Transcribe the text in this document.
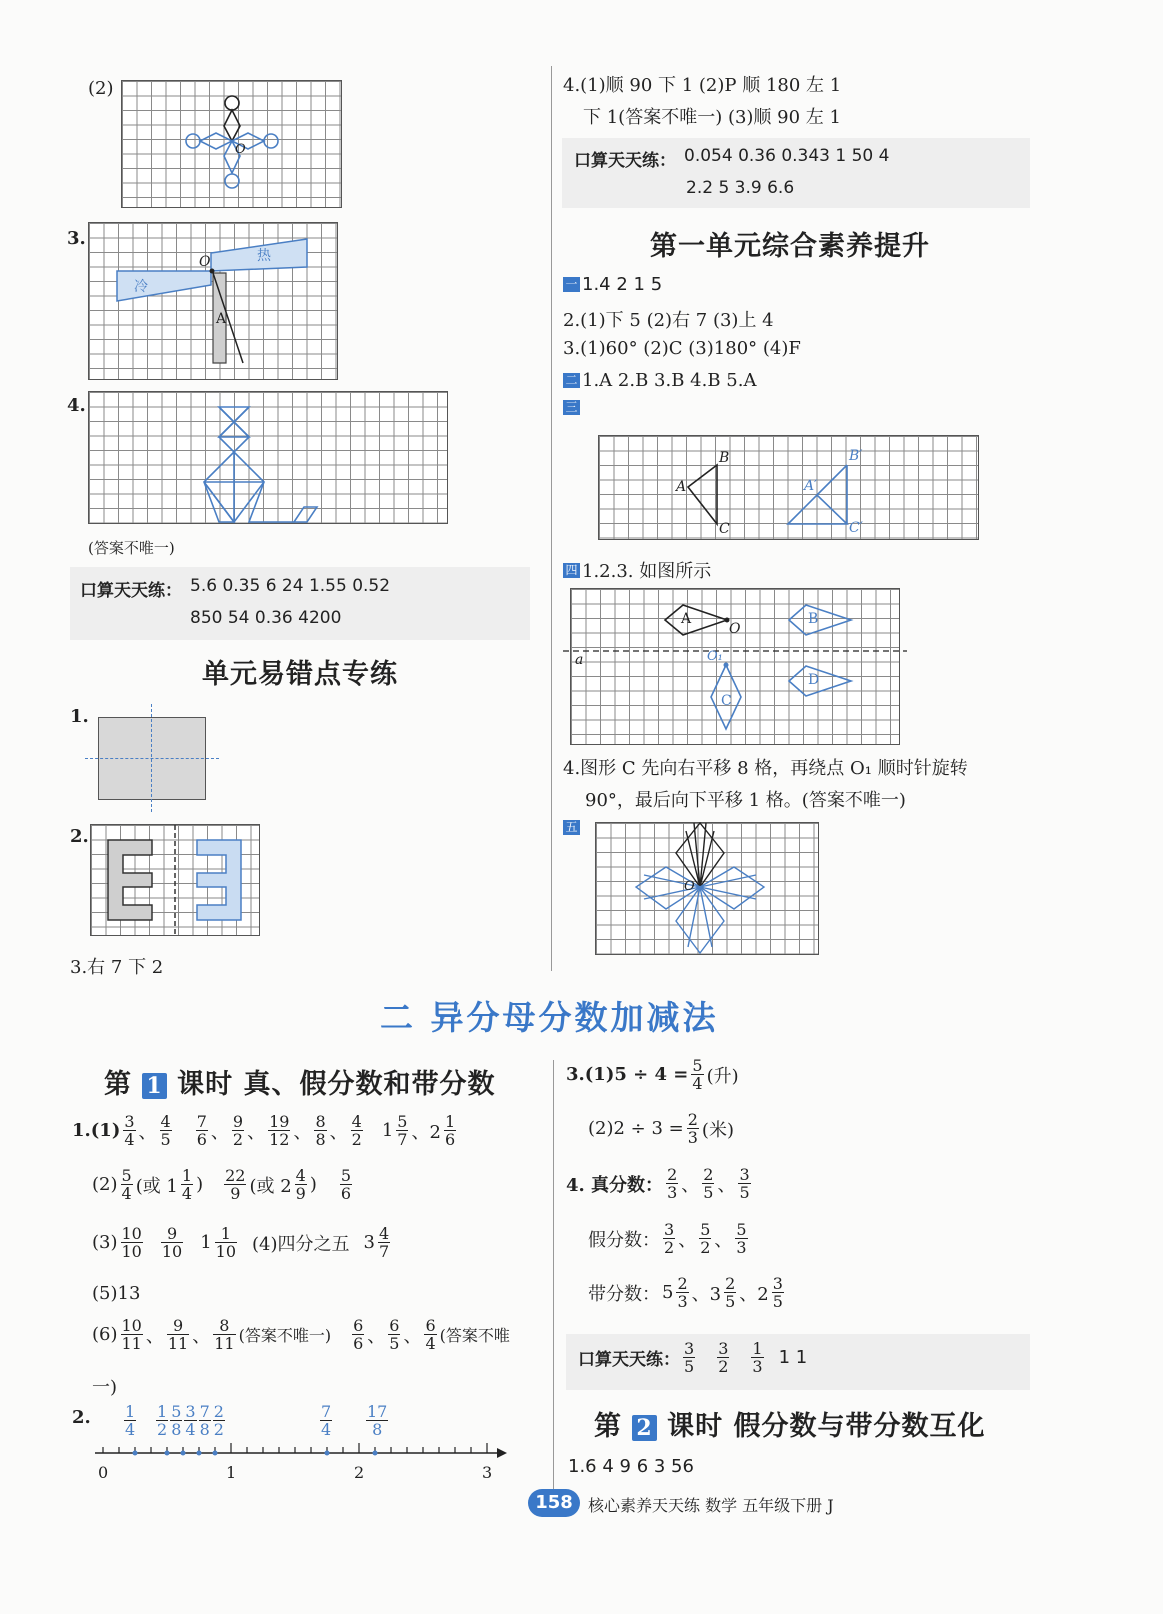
(2)
O
3.
冷
热
O
A
4.
(答案不唯一)
口算天天练： 5.6 0.35 6 24 1.55 0.52
850 54 0.36 4200
单元易错点专练
1.
2.
3.右 7 下 2
4.(1)顺 90 下 1 (2)P 顺 180 左 1
下 1(答案不唯一) (3)顺 90 左 1
口算天天练： 0.054 0.36 0.343 1 50 4
2.2 5 3.9 6.6
第一单元综合素养提升
一 1.4 2 1 5
2.(1)下 5 (2)右 7 (3)上 4
3.(1)60° (2)C (3)180° (4)F
二 1.A 2.B 3.B 4.B 5.A
三
A
B
C
A′
B′
C′
四 1.2.3. 如图所示
A	B
C
D
O
O₁
a
4.图形 C 先向右平移 8 格，再绕点 O₁ 顺时针旋转
90°，最后向下平移 1 格。(答案不唯一)
五
O
二 异分母分数加减法
第 1 课时 真、假分数和带分数
$1.(1) \frac{3}{4}$ 、 $\frac{4}{5} \frac{7}{6}$ 、 $\frac{9}{2}$ 、 $\frac{19}{12}$ 、 $\frac{8}{8}$ 、 $\frac{4}{2} 1 \frac{5}{7}$ 、$2 \frac{1}{6}$
$(2) \frac{5}{4}$ (或 $1 \frac{1}{4}$ ) $\frac{22}{9}$ (或 $2 \frac{4}{9}$ ) $\frac{5}{6}$
$(3) \frac{10}{10} \frac{9}{10} 1 \frac{1}{10} (4)$四分之五 $3 \frac{4}{7}$
(5)13
$(6) \frac{10}{11}$ 、 $\frac{9}{11}$ 、 $\frac{8}{11}$ (答案不唯一) $\frac{6}{6}$ 、 $\frac{6}{5}$ 、 $\frac{6}{4}$ (答案不唯
一)
2. $\frac{1}{4} \frac{1}{2} \frac{5}{8} \frac{3}{4} \frac{7}{8} \frac{2}{2}$	$\frac{7}{4} \frac{17}{8}$
0	1	2	3
$3.(1)5 \div 4 = \frac{5}{4}$ (升)
$(2)2 \div 3 = \frac{2}{3}$ (米)
4. 真分数： $\frac{2}{3}$ 、 $\frac{2}{5}$ 、 $\frac{3}{5}$
假分数： $\frac{3}{2}$ 、 $\frac{5}{2}$ 、 $\frac{5}{3}$
带分数： $5 \frac{2}{3}$ 、$3 \frac{2}{5}$ 、$2 \frac{3}{5}$
口算天天练： $\frac{3}{5} \frac{3}{2} \frac{1}{3} 1$ 1
第 2 课时 假分数与带分数互化
1.6 4 9 6 3 56
158 核心素养天天练 数学 五年级下册 J
